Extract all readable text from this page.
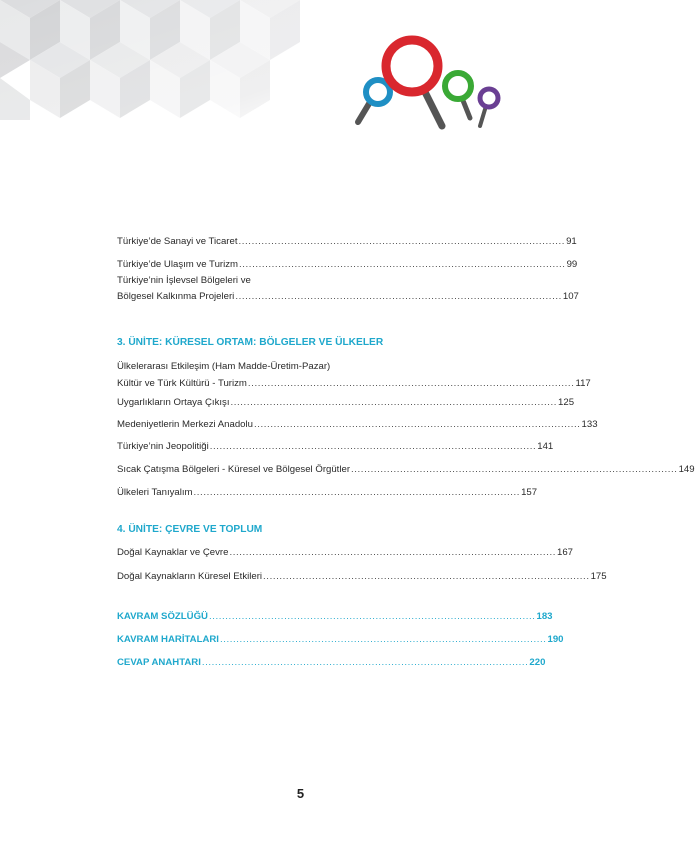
Türkiye’de Sanayi ve Ticaret .................................................................................................... 91
Türkiye’de Ulaşım ve Turizm .................................................................................................... 99
Türkiye’nin İşlevsel Bölgeleri ve
Bölgesel Kalkınma Projeleri .................................................................................................... 107
3. ÜNİTE: KÜRESEL ORTAM: BÖLGELER VE ÜLKELER
Ülkelerarası Etkileşim (Ham Madde-Üretim-Pazar)
Kültür ve Türk Kültürü - Turizm .................................................................................................... 117
Uygarlıkların Ortaya Çıkışı .................................................................................................... 125
Medeniyetlerin Merkezi Anadolu .................................................................................................... 133
Türkiye’nin Jeopolitiği .................................................................................................... 141
Sıcak Çatışma Bölgeleri - Küresel ve Bölgesel Örgütler .................................................................................................... 149
Ülkeleri Tanıyalım .................................................................................................... 157
4. ÜNİTE: ÇEVRE VE TOPLUM
Doğal Kaynaklar ve Çevre .................................................................................................... 167
Doğal Kaynakların Küresel Etkileri .................................................................................................... 175
KAVRAM SÖZLÜĞÜ .................................................................................................... 183
KAVRAM HARİTALARI .................................................................................................... 190
CEVAP ANAHTARI .................................................................................................... 220
5
